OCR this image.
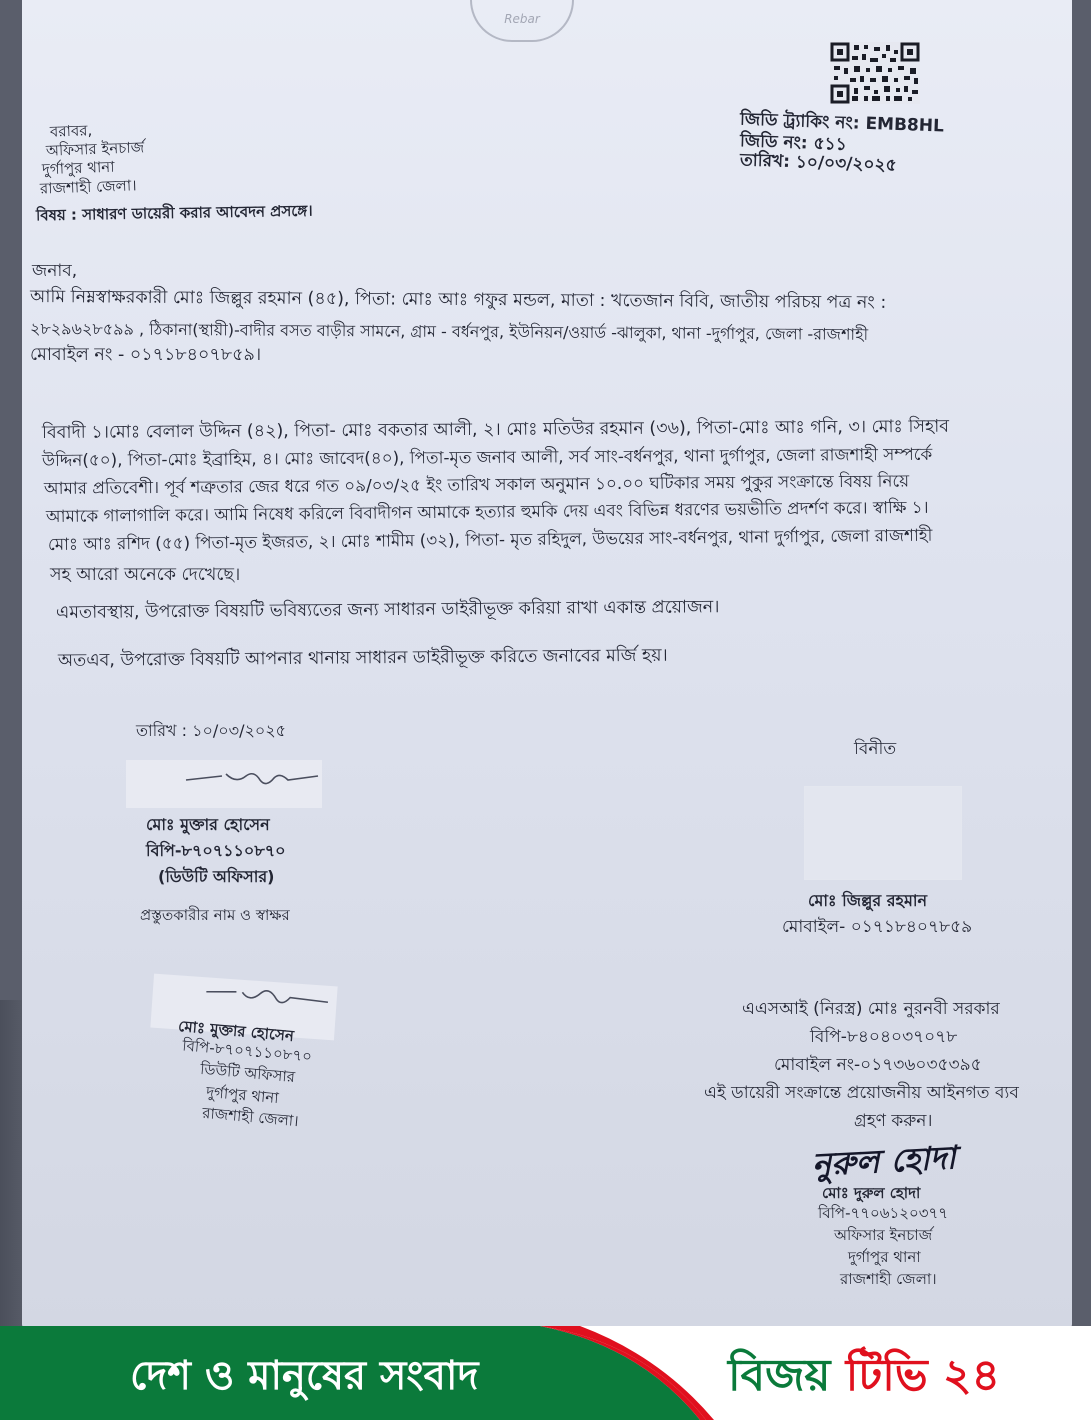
Rebar
জিডি ট্র্যাকিং নং: EMB8HL
জিডি নং: ৫১১
তারিখ: ১০/০৩/২০২৫
বরাবর,
অফিসার ইনচার্জ
দুর্গাপুর থানা
রাজশাহী জেলা।
বিষয় : সাধারণ ডায়েরী করার আবেদন প্রসঙ্গে।
জনাব,
আমি নিম্নস্বাক্ষরকারী মোঃ জিল্লুর রহমান (৪৫), পিতা: মোঃ আঃ গফুর মন্ডল, মাতা : খতেজান বিবি, জাতীয় পরিচয় পত্র নং :
২৮২৯৬২৮৫৯৯ , ঠিকানা(স্থায়ী)-বাদীর বসত বাড়ীর সামনে, গ্রাম - বর্ধনপুর, ইউনিয়ন/ওয়ার্ড -ঝালুকা, থানা -দুর্গাপুর, জেলা -রাজশাহী
মোবাইল নং - ০১৭১৮৪০৭৮৫৯।
বিবাদী ১।মোঃ বেলাল উদ্দিন (৪২), পিতা- মোঃ বকতার আলী, ২। মোঃ মতিউর রহমান (৩৬), পিতা-মোঃ আঃ গনি, ৩। মোঃ সিহাব
উদ্দিন(৫০), পিতা-মোঃ ইব্রাহিম, ৪। মোঃ জাবেদ(৪০), পিতা-মৃত জনাব আলী, সর্ব সাং-বর্ধনপুর, থানা দুর্গাপুর, জেলা রাজশাহী সম্পর্কে
আমার প্রতিবেশী। পূর্ব শত্রুতার জের ধরে গত ০৯/০৩/২৫ ইং তারিখ সকাল অনুমান ১০.০০ ঘটিকার সময় পুকুর সংক্রান্তে বিষয় নিয়ে
আমাকে গালাগালি করে। আমি নিষেধ করিলে বিবাদীগন আমাকে হত্যার হুমকি দেয় এবং বিভিন্ন ধরণের ভয়ভীতি প্রদর্শণ করে। স্বাক্ষি ১।
মোঃ আঃ রশিদ (৫৫) পিতা-মৃত ইজরত, ২। মোঃ শামীম (৩২), পিতা- মৃত রহিদুল, উভয়ের সাং-বর্ধনপুর, থানা দুর্গাপুর, জেলা রাজশাহী
সহ আরো অনেকে দেখেছে।
এমতাবস্থায়, উপরোক্ত বিষয়টি ভবিষ্যতের জন্য সাধারন ডাইরীভূক্ত করিয়া রাখা একান্ত প্রয়োজন।
অতএব, উপরোক্ত বিষয়টি আপনার থানায় সাধারন ডাইরীভূক্ত করিতে জনাবের মর্জি হয়।
তারিখ : ১০/০৩/২০২৫
বিনীত
মোঃ মুক্তার হোসেন
বিপি-৮৭০৭১১০৮৭০
(ডিউটি অফিসার)
প্রস্তুতকারীর নাম ও স্বাক্ষর
মোঃ জিল্লুর রহমান
মোবাইল- ০১৭১৮৪০৭৮৫৯
মোঃ মুক্তার হোসেন
বিপি-৮৭০৭১১০৮৭০
ডিউটি অফিসার
দুর্গাপুর থানা
রাজশাহী জেলা।
এএসআই (নিরস্ত্র) মোঃ নুরনবী সরকার
বিপি-৮৪০৪০৩৭০৭৮
মোবাইল নং-০১৭৩৬০৩৫৩৯৫
এই ডায়েরী সংক্রান্তে প্রয়োজনীয় আইনগত ব্যব
গ্রহণ করুন।
নুরুল হোদা
মোঃ দুরুল হোদা
বিপি-৭৭০৬১২০৩৭৭
অফিসার ইনচার্জ
দুর্গাপুর থানা
রাজশাহী জেলা।
দেশ ও মানুষের সংবাদ	বিজয় টিভি ২৪
